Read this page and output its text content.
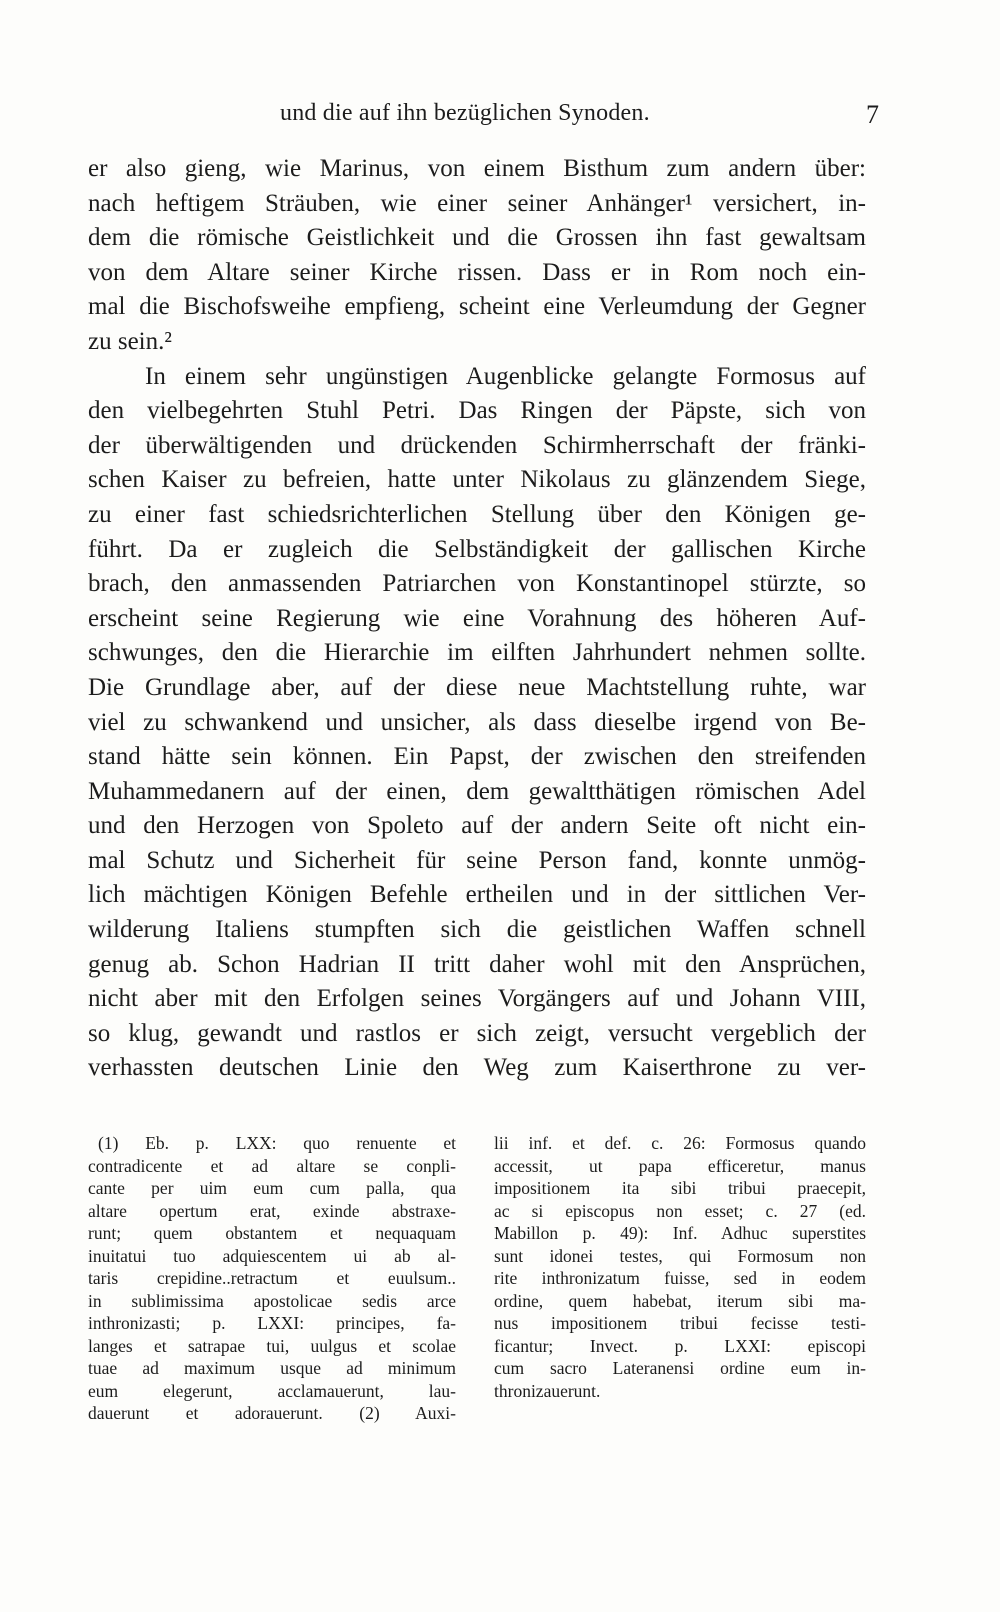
und die auf ihn bezüglichen Synoden.	7
er also gieng, wie Marinus, von einem Bisthum zum andern über:
nach heftigem Sträuben, wie einer seiner Anhänger¹ versichert, in-
dem die römische Geistlichkeit und die Grossen ihn fast gewaltsam
von dem Altare seiner Kirche rissen. Dass er in Rom noch ein-
mal die Bischofsweihe empfieng, scheint eine Verleumdung der Gegner
zu sein.²
In einem sehr ungünstigen Augenblicke gelangte Formosus auf
den vielbegehrten Stuhl Petri. Das Ringen der Päpste, sich von
der überwältigenden und drückenden Schirmherrschaft der fränki-
schen Kaiser zu befreien, hatte unter Nikolaus zu glänzendem Siege,
zu einer fast schiedsrichterlichen Stellung über den Königen ge-
führt. Da er zugleich die Selbständigkeit der gallischen Kirche
brach, den anmassenden Patriarchen von Konstantinopel stürzte, so
erscheint seine Regierung wie eine Vorahnung des höheren Auf-
schwunges, den die Hierarchie im eilften Jahrhundert nehmen sollte.
Die Grundlage aber, auf der diese neue Machtstellung ruhte, war
viel zu schwankend und unsicher, als dass dieselbe irgend von Be-
stand hätte sein können. Ein Papst, der zwischen den streifenden
Muhammedanern auf der einen, dem gewaltthätigen römischen Adel
und den Herzogen von Spoleto auf der andern Seite oft nicht ein-
mal Schutz und Sicherheit für seine Person fand, konnte unmög-
lich mächtigen Königen Befehle ertheilen und in der sittlichen Ver-
wilderung Italiens stumpften sich die geistlichen Waffen schnell
genug ab. Schon Hadrian II tritt daher wohl mit den Ansprüchen,
nicht aber mit den Erfolgen seines Vorgängers auf und Johann VIII,
so klug, gewandt und rastlos er sich zeigt, versucht vergeblich der
verhassten deutschen Linie den Weg zum Kaiserthrone zu ver-
(1) Eb. p. LXX: quo renuente et
contradicente et ad altare se conpli-
cante per uim eum cum palla, qua
altare opertum erat, exinde abstraxe-
runt; quem obstantem et nequaquam
inuitatui tuo adquiescentem ui ab al-
taris crepidine..retractum et euulsum..
in sublimissima apostolicae sedis arce
inthronizasti; p. LXXI: principes, fa-
langes et satrapae tui, uulgus et scolae
tuae ad maximum usque ad minimum
eum elegerunt, acclamauerunt, lau-
dauerunt et adorauerunt. (2) Auxi-
lii inf. et def. c. 26: Formosus quando
accessit, ut papa efficeretur, manus
impositionem ita sibi tribui praecepit,
ac si episcopus non esset; c. 27 (ed.
Mabillon p. 49): Inf. Adhuc superstites
sunt idonei testes, qui Formosum non
rite inthronizatum fuisse, sed in eodem
ordine, quem habebat, iterum sibi ma-
nus impositionem tribui fecisse testi-
ficantur; Invect. p. LXXI: episcopi
cum sacro Lateranensi ordine eum in-
thronizauerunt.
